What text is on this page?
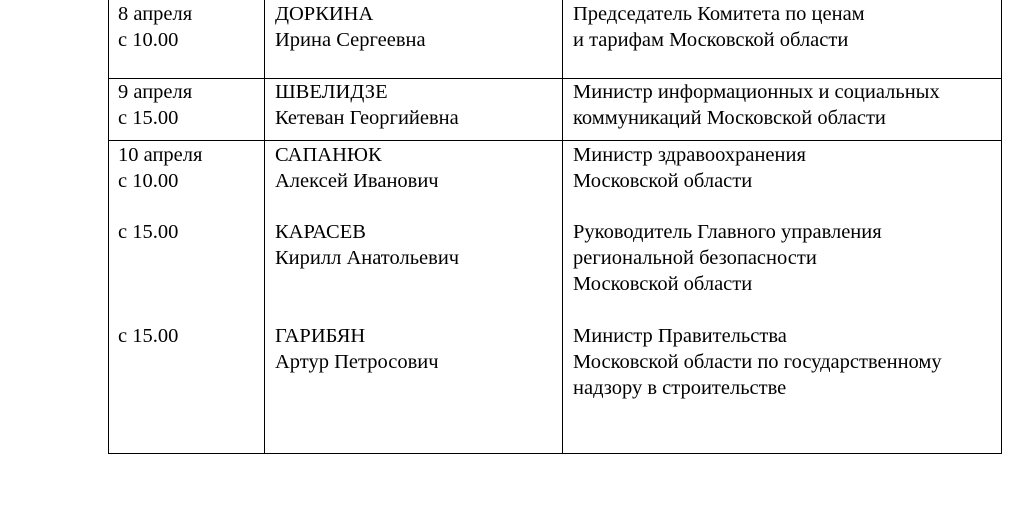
8 апреля
с 10.00
ДОРКИНА
Ирина Сергеевна
Председатель Комитета по ценам
и тарифам Московской области
9 апреля
с 15.00
ШВЕЛИДЗЕ
Кетеван Георгийевна
Министр информационных и социальных
коммуникаций Московской области
10 апреля
с 10.00
САПАНЮК
Алексей Иванович
Министр здравоохранения
Московской области
с 15.00	КАРАСЕВ
Кирилл Анатольевич
Руководитель Главного управления
региональной безопасности
Московской области
с 15.00	ГАРИБЯН
Артур Петросович
Министр Правительства
Московской области по государственному
надзору в строительстве
